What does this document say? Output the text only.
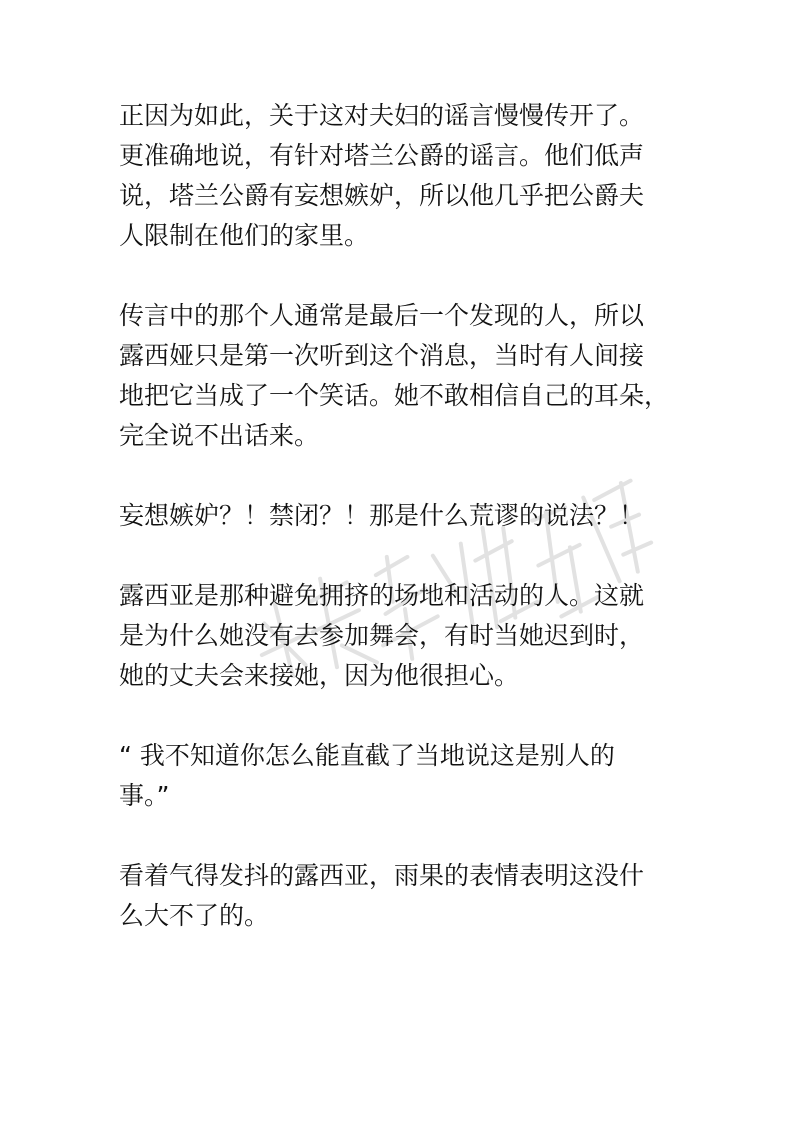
正因为如此，关于这对夫妇的谣言慢慢传开了。
更准确地说，有针对塔兰公爵的谣言。他们低声
说，塔兰公爵有妄想嫉妒，所以他几乎把公爵夫
人限制在他们的家里。

传言中的那个人通常是最后一个发现的人，所以
露西娅只是第一次听到这个消息，当时有人间接
地把它当成了一个笑话。她不敢相信自己的耳朵，
完全说不出话来。

妄想嫉妒？！禁闭？！那是什么荒谬的说法？！

露西亚是那种避免拥挤的场地和活动的人。这就
是为什么她没有去参加舞会，有时当她迟到时，
她的丈夫会来接她，因为他很担心。

“ 我不知道你怎么能直截了当地说这是别人的
事。”

看着气得发抖的露西亚，雨果的表情表明这没什
么大不了的。
